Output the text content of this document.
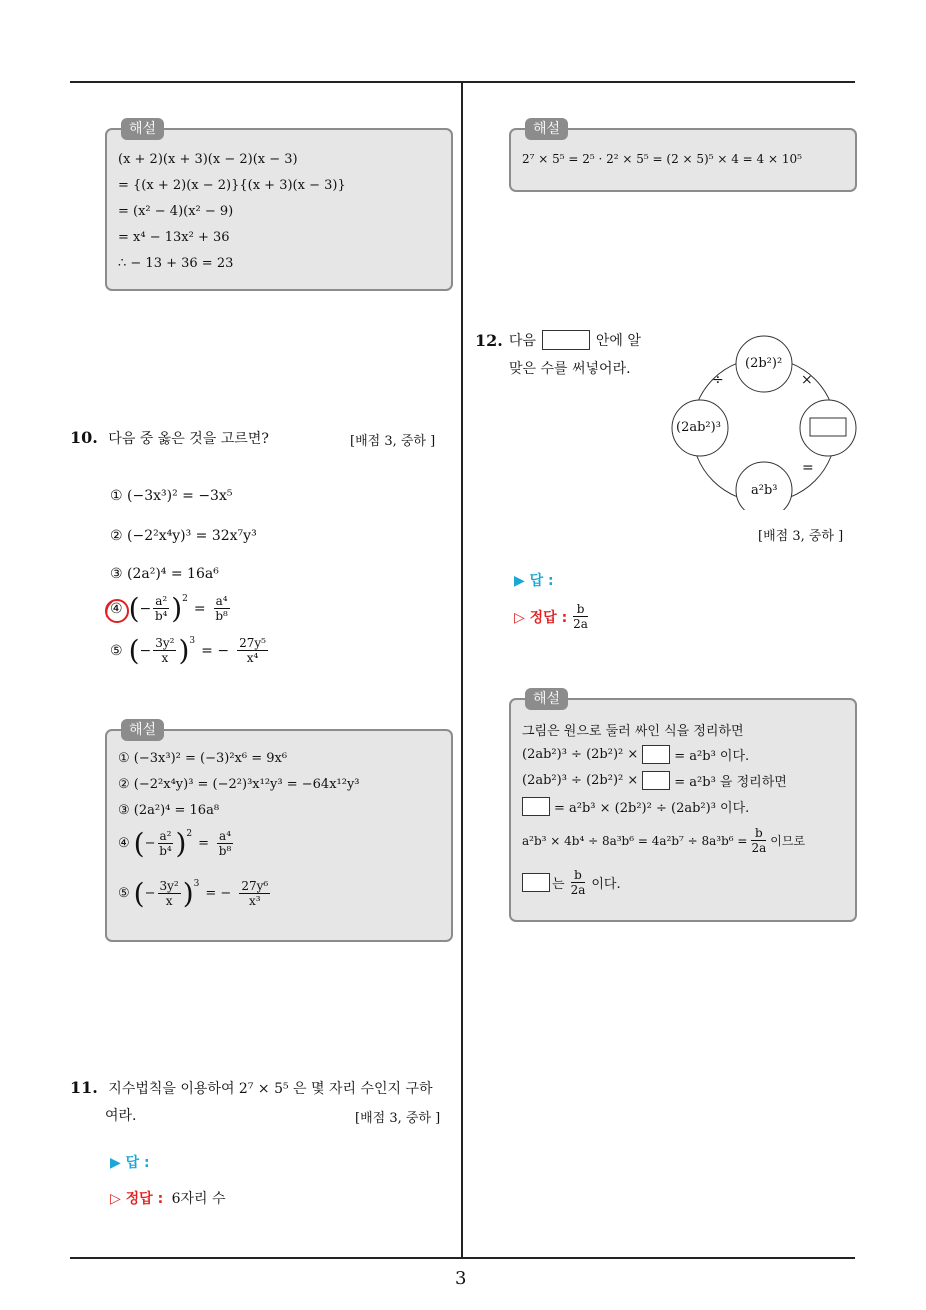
3
해설
(x + 2)(x + 3)(x − 2)(x − 3)
= {(x + 2)(x − 2)}{(x + 3)(x − 3)}
= (x² − 4)(x² − 9)
= x⁴ − 13x² + 36
∴ − 13 + 36 = 23
10. 다음 중 옳은 것을 고르면?	[배점 3, 중하 ]
① (−3x³)² = −3x⁵
② (−2²x⁴y)³ = 32x⁷y³
③ (2a²)⁴ = 16a⁶
④ ( − $\frac{\text{a²}}{\text{b⁴}} )^2$
= $\frac{\text{a⁴}}{\text{b⁸}}$
⑤ ( − $\frac{\text{3y²}}{x} )^3$
= − $\frac{\text{27y⁵}}{\text{x⁴}}$
해설
① (−3x³)² = (−3)²x⁶ = 9x⁶
② (−2²x⁴y)³ = (−2²)³x¹²y³ = −64x¹²y³
③ (2a²)⁴ = 16a⁸
④ ( − $\frac{\text{a²}}{\text{b⁴}} )^2$
= $\frac{\text{a⁴}}{\text{b⁸}}$
⑤ ( − $\frac{\text{3y²}}{x} )^3$
= − $\frac{\text{27y⁶}}{\text{x³}}$
11. 지수법칙을 이용하여 2⁷ × 5⁵ 은 몇 자리 수인지 구하
여라.	[배점 3, 중하 ]
▶ 답 :
▷ 정답 : 6자리 수
해설
2⁷ × 5⁵ = 2⁵ · 2² × 5⁵ = (2 × 5)⁵ × 4 = 4 × 10⁵
12. 다음	안에 알
맞은 수를 써넣어라.	(2b²)²
(2ab²)³
a²b³
÷	×
=
[배점 3, 중하 ]
▶ 답 :
▷ 정답 : $\frac{b}{2a}$
해설
그림은 원으로 둘러 싸인 식을 정리하면
(2ab²)³ ÷ (2b²)² ×	= a²b³ 이다.
(2ab²)³ ÷ (2b²)² ×	= a²b³ 을 정리하면
= a²b³ × (2b²)² ÷ (2ab²)³ 이다.
$a^2b^3 \times 4b^4 \div 8a^3b^6 = 4a^2b^7 \div 8a^3b^6 = \frac{b}{2a}$ 이므로
는 $\frac{b}{2a}$ 이다.
